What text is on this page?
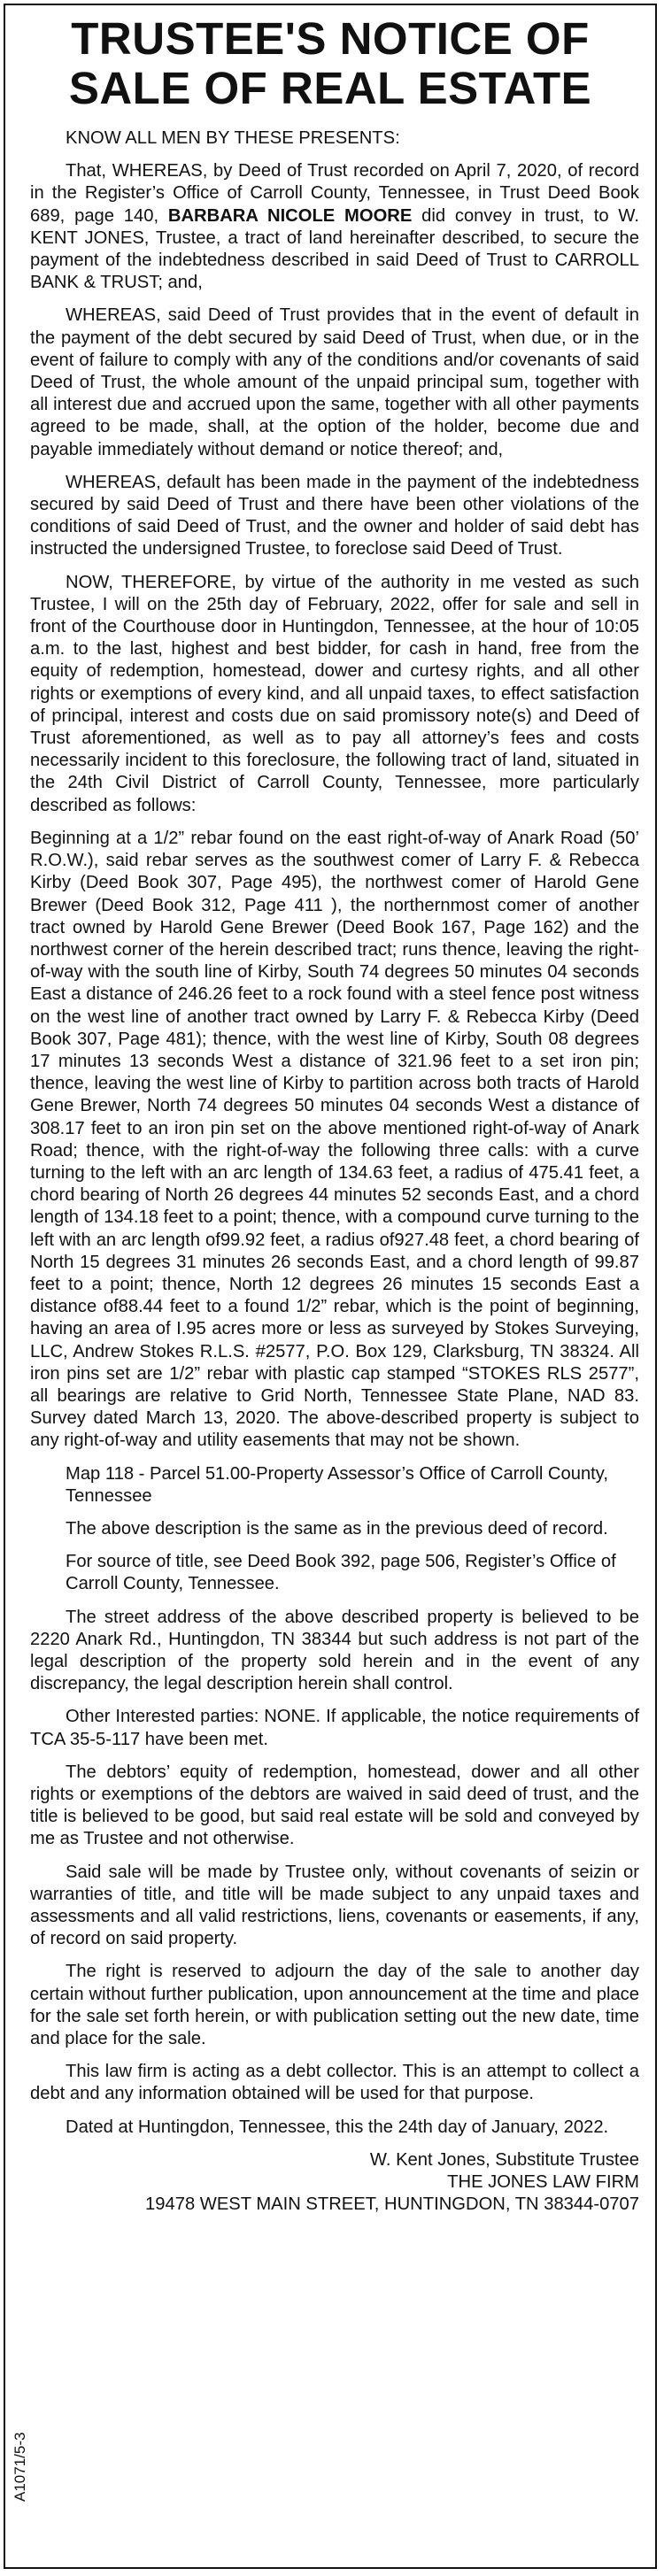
TRUSTEE'S NOTICE OF
SALE OF REAL ESTATE

KNOW ALL MEN BY THESE PRESENTS:

That, WHEREAS, by Deed of Trust recorded on April 7, 2020, of record in the Register’s Office of Carroll County, Tennessee, in Trust Deed Book 689, page 140, BARBARA NICOLE MOORE did convey in trust, to W. KENT JONES, Trustee, a tract of land hereinafter described, to secure the payment of the indebtedness described in said Deed of Trust to CARROLL BANK & TRUST; and,

WHEREAS, said Deed of Trust provides that in the event of default in the payment of the debt secured by said Deed of Trust, when due, or in the event of failure to comply with any of the conditions and/or covenants of said Deed of Trust, the whole amount of the unpaid principal sum, together with all interest due and accrued upon the same, together with all other payments agreed to be made, shall, at the option of the holder, become due and payable immediately without demand or notice thereof; and,

WHEREAS, default has been made in the payment of the indebtedness secured by said Deed of Trust and there have been other violations of the conditions of said Deed of Trust, and the owner and holder of said debt has instructed the undersigned Trustee, to foreclose said Deed of Trust.

NOW, THEREFORE, by virtue of the authority in me vested as such Trustee, I will on the 25th day of February, 2022, offer for sale and sell in front of the Courthouse door in Huntingdon, Tennessee, at the hour of 10:05 a.m. to the last, highest and best bidder, for cash in hand, free from the equity of redemption, homestead, dower and curtesy rights, and all other rights or exemptions of every kind, and all unpaid taxes, to effect satisfaction of principal, interest and costs due on said promissory note(s) and Deed of Trust aforementioned, as well as to pay all attorney’s fees and costs necessarily incident to this foreclosure, the following tract of land, situated in the 24th Civil District of Carroll County, Tennessee, more particularly described as follows:

Beginning at a 1/2” rebar found on the east right-of-way of Anark Road (50’ R.O.W.), said rebar serves as the southwest comer of Larry F. & Rebecca Kirby (Deed Book 307, Page 495), the northwest comer of Harold Gene Brewer (Deed Book 312, Page 411 ), the northernmost comer of another tract owned by Harold Gene Brewer (Deed Book 167, Page 162) and the northwest corner of the herein described tract; runs thence, leaving the right-of-way with the south line of Kirby, South 74 degrees 50 minutes 04 seconds East a distance of 246.26 feet to a rock found with a steel fence post witness on the west line of another tract owned by Larry F. & Rebecca Kirby (Deed Book 307, Page 481); thence, with the west line of Kirby, South 08 degrees 17 minutes 13 seconds West a distance of 321.96 feet to a set iron pin; thence, leaving the west line of Kirby to partition across both tracts of Harold Gene Brewer, North 74 degrees 50 minutes 04 seconds West a distance of 308.17 feet to an iron pin set on the above mentioned right-of-way of Anark Road; thence, with the right-of-way the following three calls: with a curve turning to the left with an arc length of 134.63 feet, a radius of 475.41 feet, a chord bearing of North 26 degrees 44 minutes 52 seconds East, and a chord length of 134.18 feet to a point; thence, with a compound curve turning to the left with an arc length of99.92 feet, a radius of927.48 feet, a chord bearing of North 15 degrees 31 minutes 26 seconds East, and a chord length of 99.87 feet to a point; thence, North 12 degrees 26 minutes 15 seconds East a distance of88.44 feet to a found 1/2” rebar, which is the point of beginning, having an area of I.95 acres more or less as surveyed by Stokes Surveying, LLC, Andrew Stokes R.L.S. #2577, P.O. Box 129, Clarksburg, TN 38324. All iron pins set are 1/2” rebar with plastic cap stamped “STOKES RLS 2577”, all bearings are relative to Grid North, Tennessee State Plane, NAD 83. Survey dated March 13, 2020. The above-described property is subject to any right-of-way and utility easements that may not be shown.

Map 118 - Parcel 51.00-Property Assessor’s Office of Carroll County, Tennessee

The above description is the same as in the previous deed of record.

For source of title, see Deed Book 392, page 506, Register’s Office of Carroll County, Tennessee.

The street address of the above described property is believed to be 2220 Anark Rd., Huntingdon, TN 38344 but such address is not part of the legal description of the property sold herein and in the event of any discrepancy, the legal description herein shall control.

Other Interested parties: NONE. If applicable, the notice requirements of TCA 35-5-117 have been met.

The debtors’ equity of redemption, homestead, dower and all other rights or exemptions of the debtors are waived in said deed of trust, and the title is believed to be good, but said real estate will be sold and conveyed by me as Trustee and not otherwise.

Said sale will be made by Trustee only, without covenants of seizin or warranties of title, and title will be made subject to any unpaid taxes and assessments and all valid restrictions, liens, covenants or easements, if any, of record on said property.

The right is reserved to adjourn the day of the sale to another day certain without further publication, upon announcement at the time and place for the sale set forth herein, or with publication setting out the new date, time and place for the sale.

This law firm is acting as a debt collector. This is an attempt to collect a debt and any information obtained will be used for that purpose.

Dated at Huntingdon, Tennessee, this the 24th day of January, 2022.

W. Kent Jones, Substitute Trustee
THE JONES LAW FIRM
19478 WEST MAIN STREET, HUNTINGDON, TN 38344-0707
A1071/5-3
